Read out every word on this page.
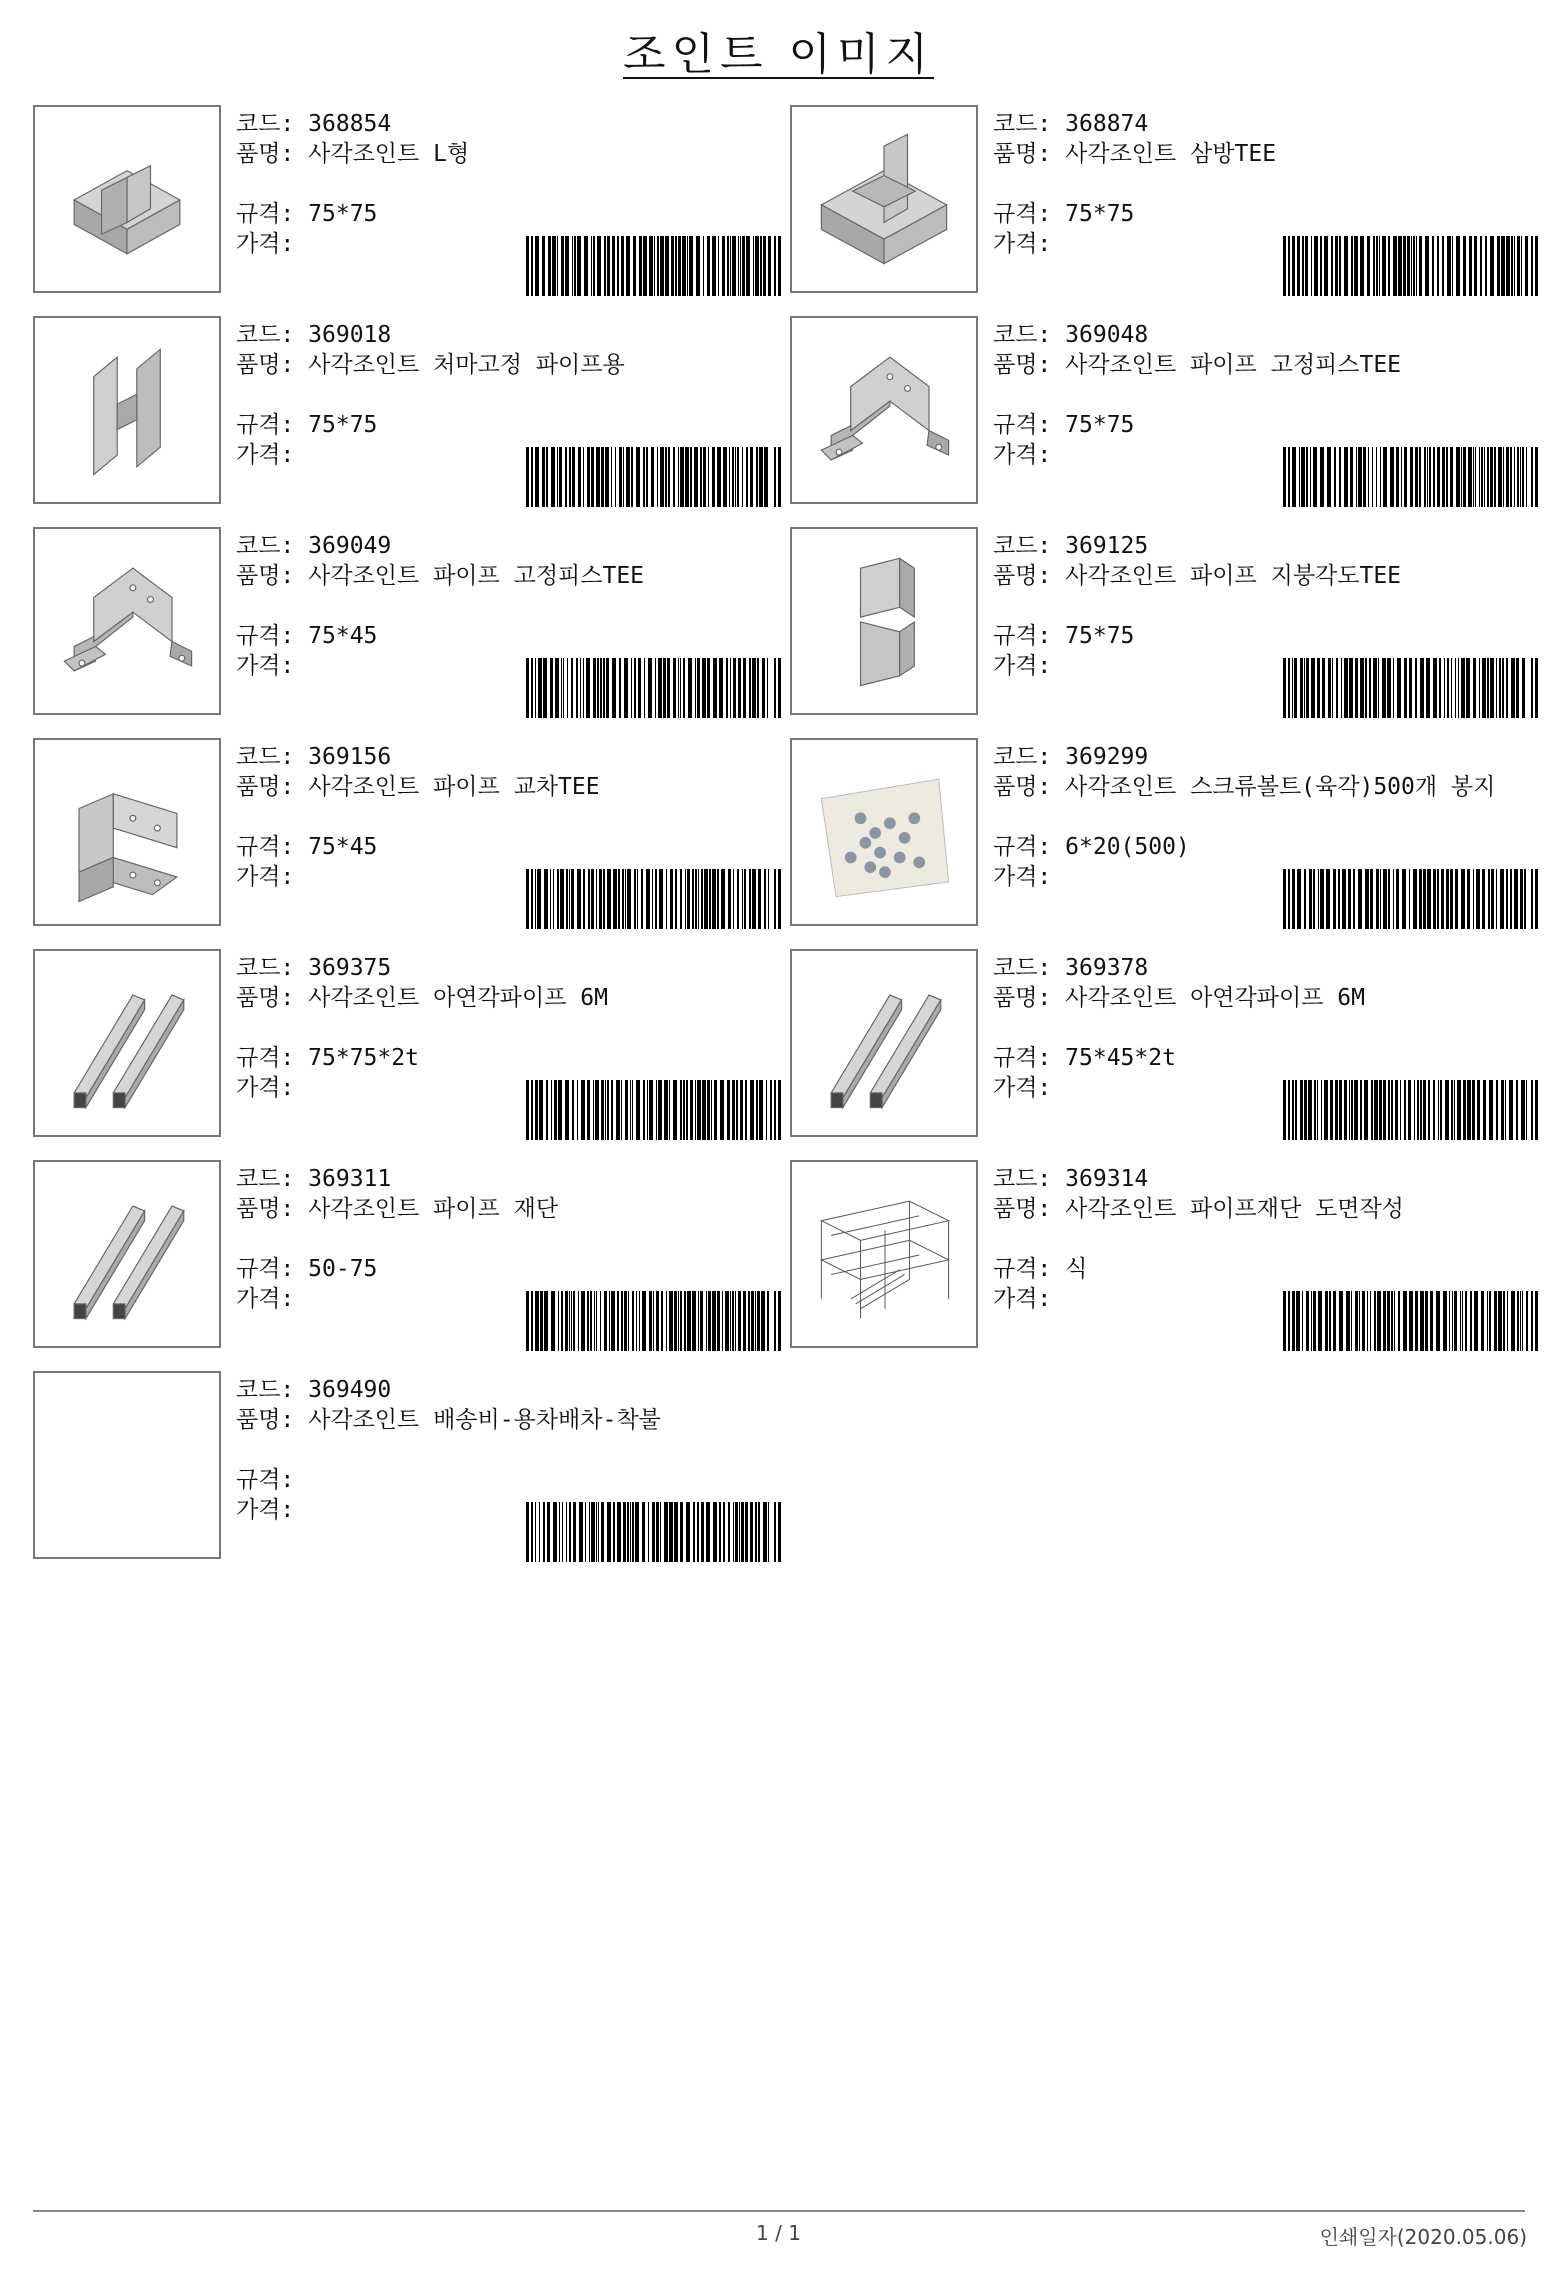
조인트 이미지
코드: 368854
품명: 사각조인트 L형
규격: 75*75
가격:
코드: 368874
품명: 사각조인트 삼방TEE
규격: 75*75
가격:
코드: 369018
품명: 사각조인트 처마고정 파이프용
규격: 75*75
가격:
코드: 369048
품명: 사각조인트 파이프 고정피스TEE
규격: 75*75
가격:
코드: 369049
품명: 사각조인트 파이프 고정피스TEE
규격: 75*45
가격:
코드: 369125
품명: 사각조인트 파이프 지붕각도TEE
규격: 75*75
가격:
코드: 369156
품명: 사각조인트 파이프 교차TEE
규격: 75*45
가격:
코드: 369299
품명: 사각조인트 스크류볼트(육각)500개 봉지
규격: 6*20(500)
가격:
코드: 369375
품명: 사각조인트 아연각파이프 6M
규격: 75*75*2t
가격:
코드: 369378
품명: 사각조인트 아연각파이프 6M
규격: 75*45*2t
가격:
코드: 369311
품명: 사각조인트 파이프 재단
규격: 50-75
가격:
코드: 369314
품명: 사각조인트 파이프재단 도면작성
규격: 식
가격:
코드: 369490
품명: 사각조인트 배송비-용차배차-착불
규격:
가격:
1 / 1	인쇄일자(2020.05.06)
